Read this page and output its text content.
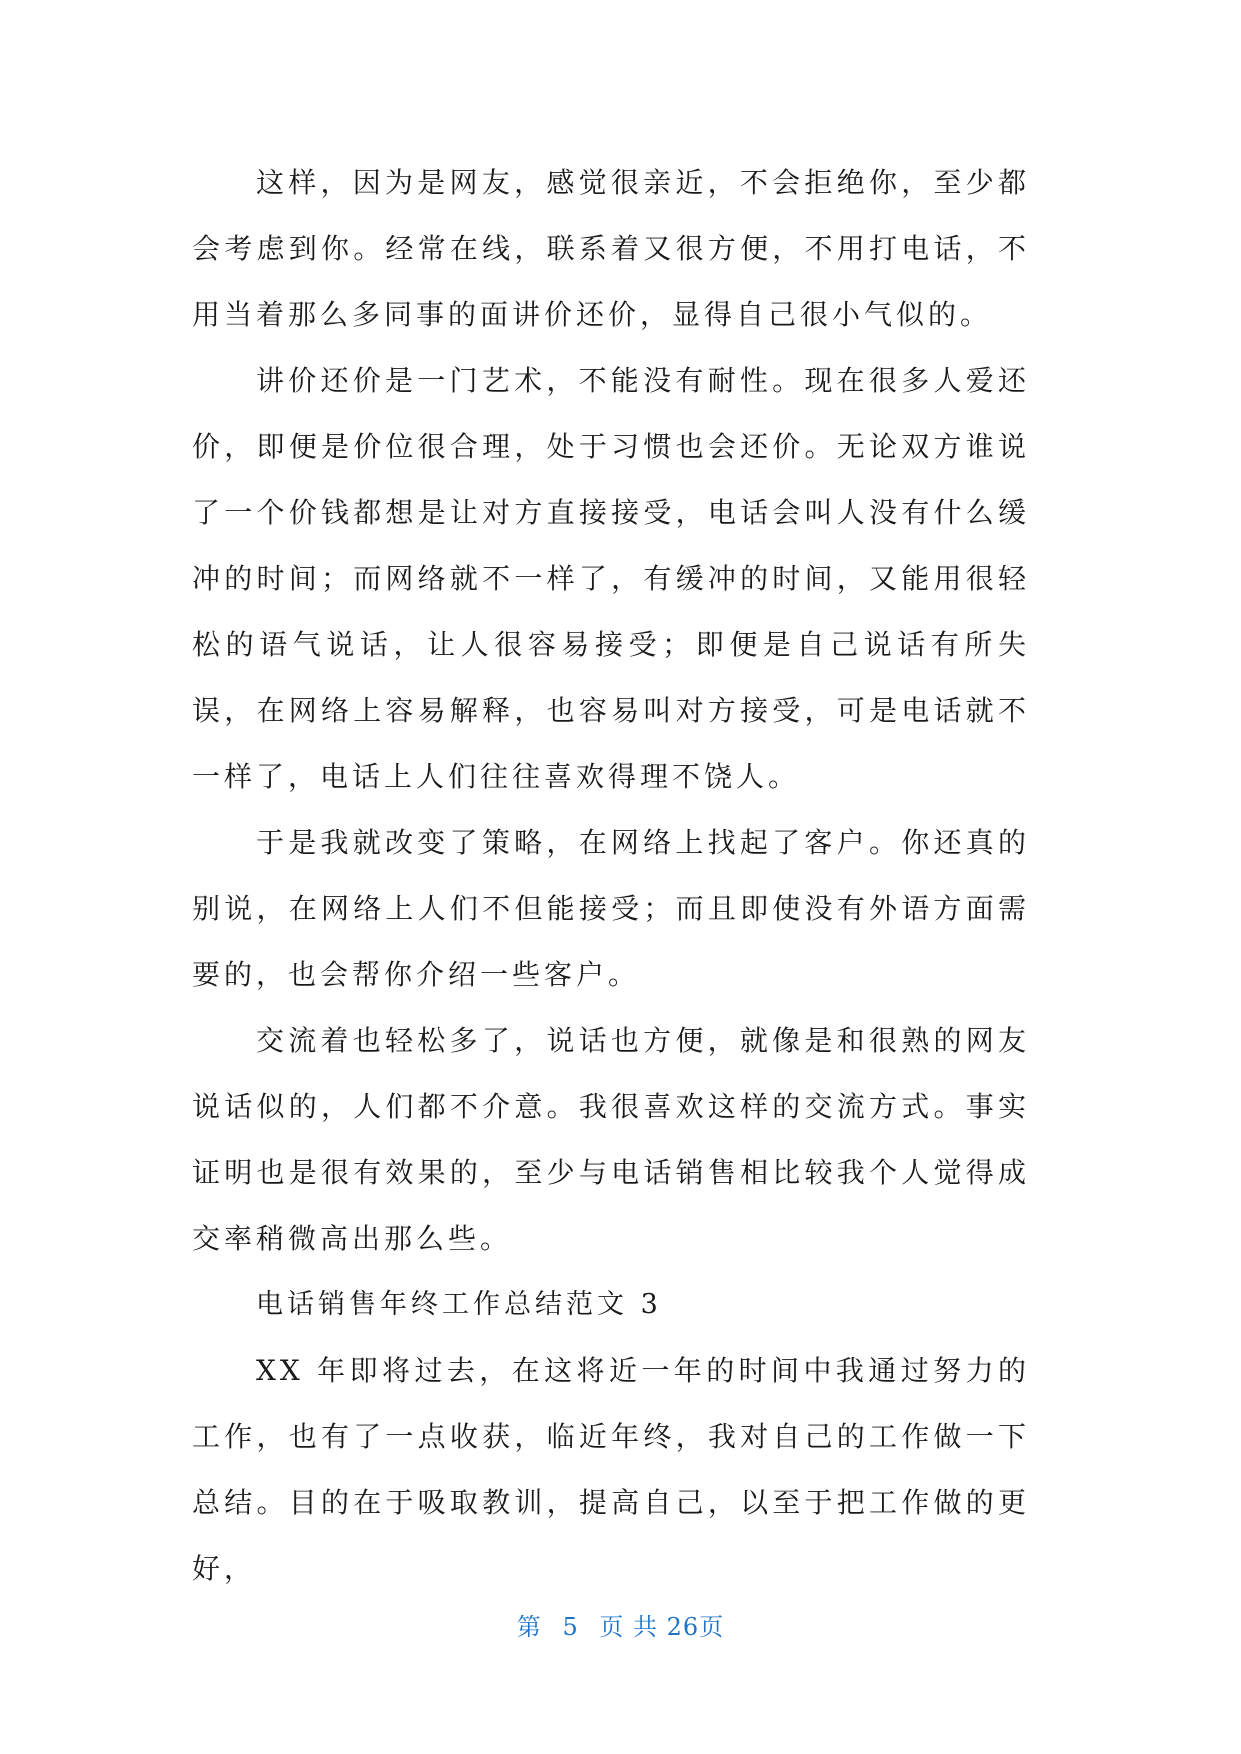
这样，因为是网友，感觉很亲近，不会拒绝你，至少都会考虑到你。经常在线，联系着又很方便，不用打电话，不用当着那么多同事的面讲价还价，显得自己很小气似的。

讲价还价是一门艺术，不能没有耐性。现在很多人爱还价，即便是价位很合理，处于习惯也会还价。无论双方谁说了一个价钱都想是让对方直接接受，电话会叫人没有什么缓冲的时间；而网络就不一样了，有缓冲的时间，又能用很轻松的语气说话，让人很容易接受；即便是自己说话有所失误，在网络上容易解释，也容易叫对方接受，可是电话就不一样了，电话上人们往往喜欢得理不饶人。

于是我就改变了策略，在网络上找起了客户。你还真的别说，在网络上人们不但能接受；而且即使没有外语方面需要的，也会帮你介绍一些客户。

交流着也轻松多了，说话也方便，就像是和很熟的网友说话似的，人们都不介意。我很喜欢这样的交流方式。事实证明也是很有效果的，至少与电话销售相比较我个人觉得成交率稍微高出那么些。

电话销售年终工作总结范文 3

XX 年即将过去，在这将近一年的时间中我通过努力的工作，也有了一点收获，临近年终，我对自己的工作做一下总结。目的在于吸取教训，提高自己，以至于把工作做的更好，

第 5 页 共 26页
